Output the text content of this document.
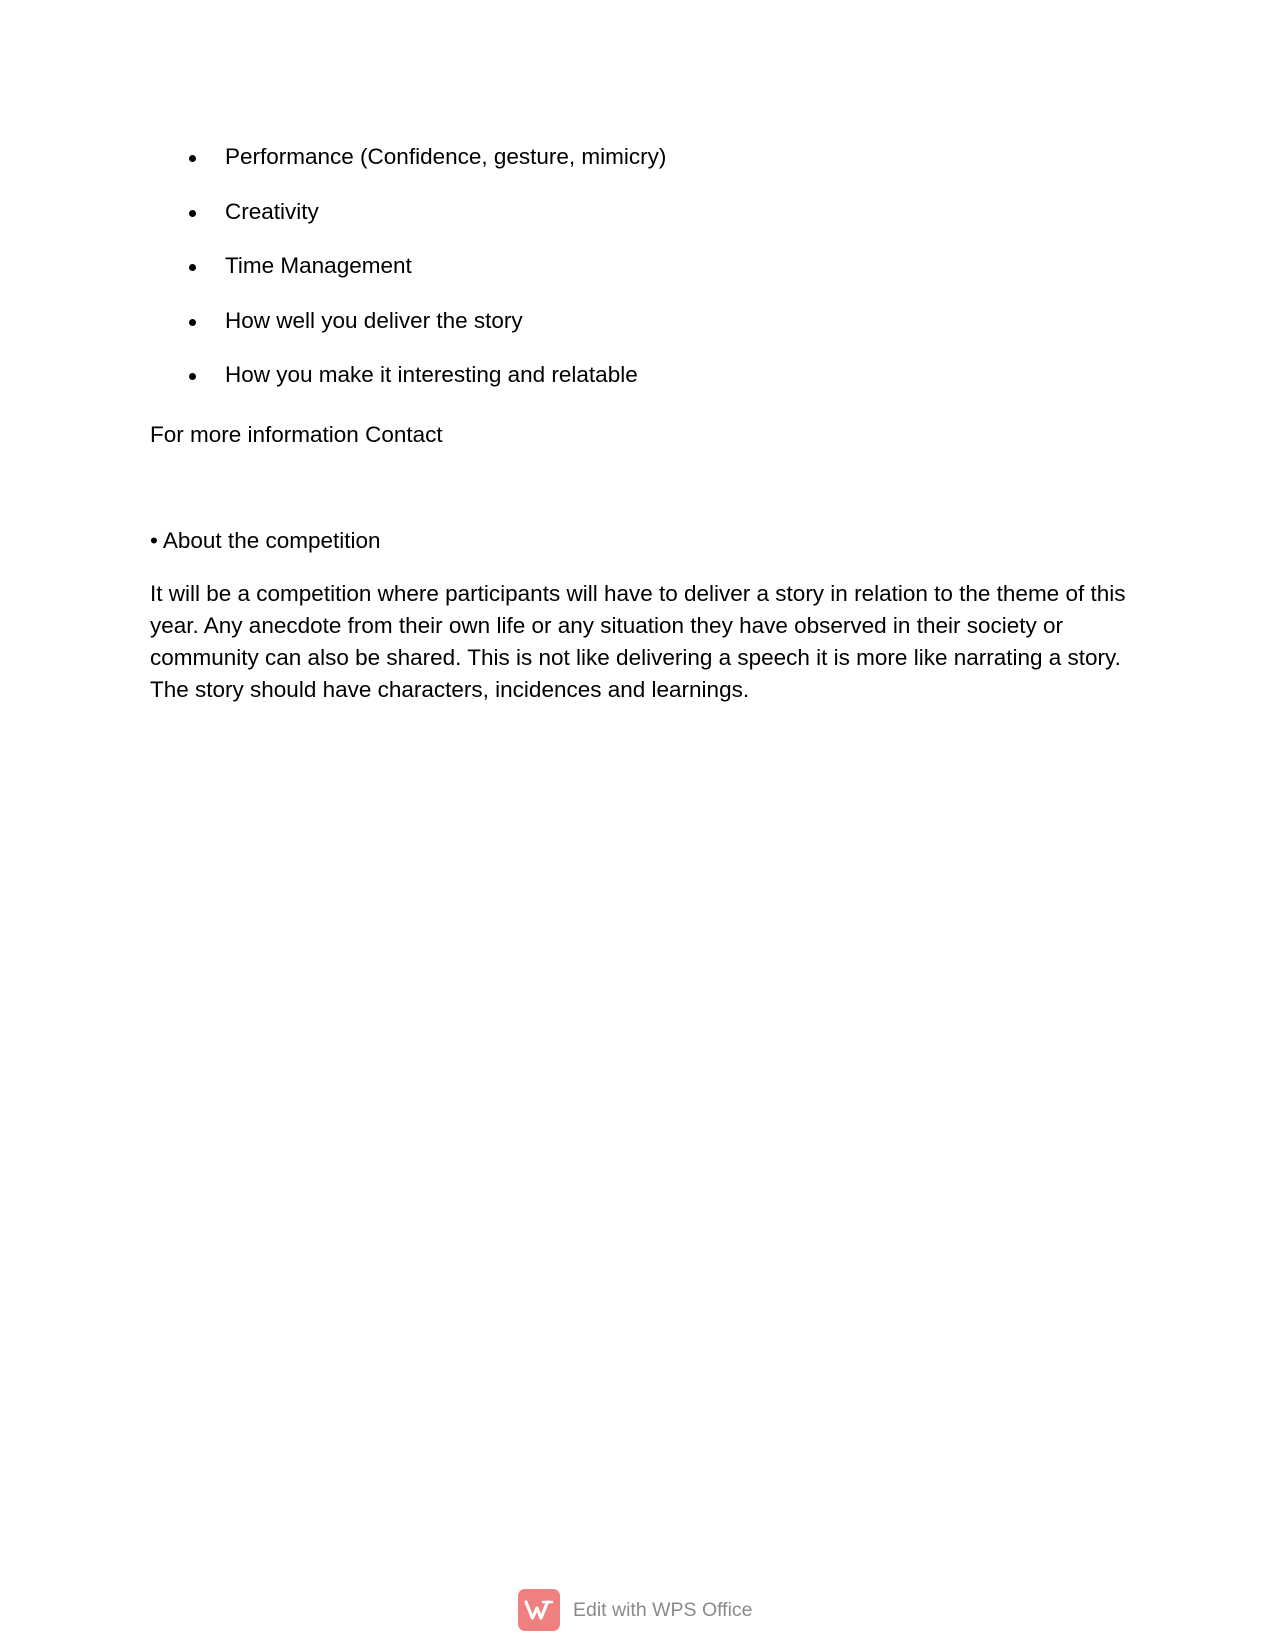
Performance (Confidence, gesture, mimicry)
Creativity
Time Management
How well you deliver the story
How you make it interesting and relatable
For more information Contact
• About the competition

It will be a competition where participants will have to deliver a story in relation to the theme of this year. Any anecdote from their own life or any situation they have observed in their society or community can also be shared. This is not like delivering a speech it is more like narrating a story. The story should have characters, incidences and learnings.

Edit with WPS Office
